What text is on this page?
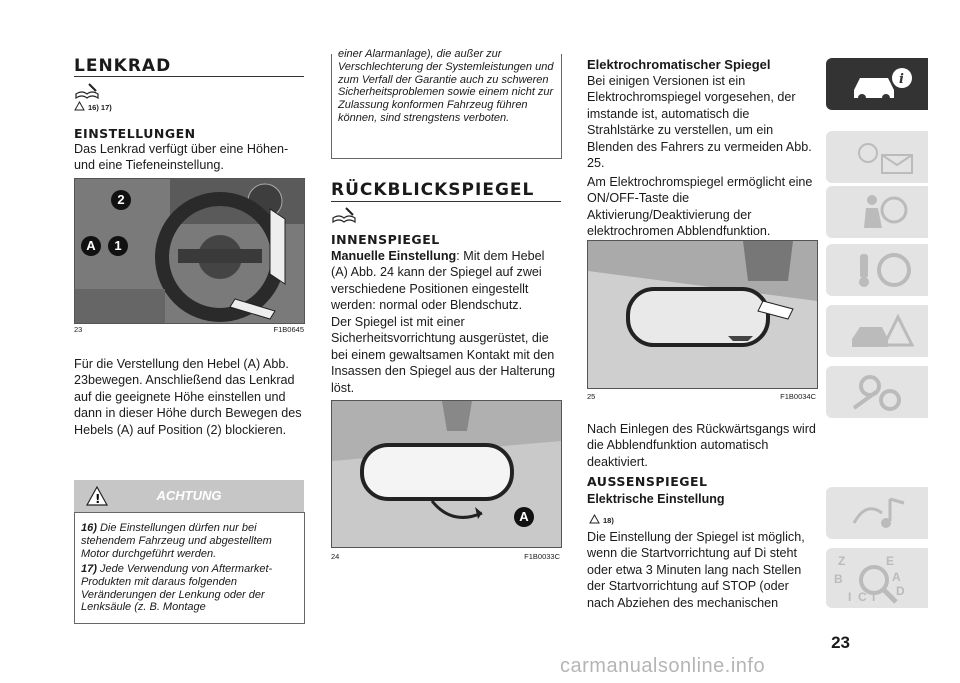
LENKRAD
16) 17)
EINSTELLUNGEN
Das Lenkrad verfügt über eine Höhen- und eine Tiefeneinstellung.
2
A	1
23	F1B0645
Für die Verstellung den Hebel (A) Abb. 23bewegen. Anschließend das Lenkrad auf die geeignete Höhe einstellen und dann in dieser Höhe durch Bewegen des Hebels (A) auf Position (2) blockieren.
!	ACHTUNG
16) Die Einstellungen dürfen nur bei stehendem Fahrzeug und abgestelltem Motor durchgeführt werden.
17) Jede Verwendung von Aftermarket-Produkten mit daraus folgenden Veränderungen der Lenkung oder der Lenksäule (z. B. Montage
einer Alarmanlage), die außer zur Verschlechterung der Systemleistungen und zum Verfall der Garantie auch zu schweren Sicherheitsproblemen sowie einem nicht zur Zulassung konformen Fahrzeug führen können, sind strengstens verboten.
RÜCKBLICKSPIEGEL
INNENSPIEGEL
Manuelle Einstellung: Mit dem Hebel (A) Abb. 24 kann der Spiegel auf zwei verschiedene Positionen eingestellt werden: normal oder Blendschutz.
Der Spiegel ist mit einer Sicherheitsvorrichtung ausgerüstet, die bei einem gewaltsamen Kontakt mit den Insassen den Spiegel aus der Halterung löst.
A
24	F1B0033C
Elektrochromatischer Spiegel
Bei einigen Versionen ist ein Elektrochromspiegel vorgesehen, der imstande ist, automatisch die Strahlstärke zu verstellen, um ein Blenden des Fahrers zu vermeiden Abb. 25.
Am Elektrochromspiegel ermöglicht eine ON/OFF-Taste die Aktivierung/Deaktivierung der elektrochromen Abblendfunktion.
25	F1B0034C
Nach Einlegen des Rückwärtsgangs wird die Abblendfunktion automatisch deaktiviert.
AUSSENSPIEGEL
Elektrische Einstellung
18)
Die Einstellung der Spiegel ist möglich, wenn die Startvorrichtung auf Di steht oder etwa 3 Minuten lang nach Stellen der Startvorrichtung auf STOP (oder nach Abziehen des mechanischen
i
Z	E
B	A
I C T D
23
carmanualsonline.info
